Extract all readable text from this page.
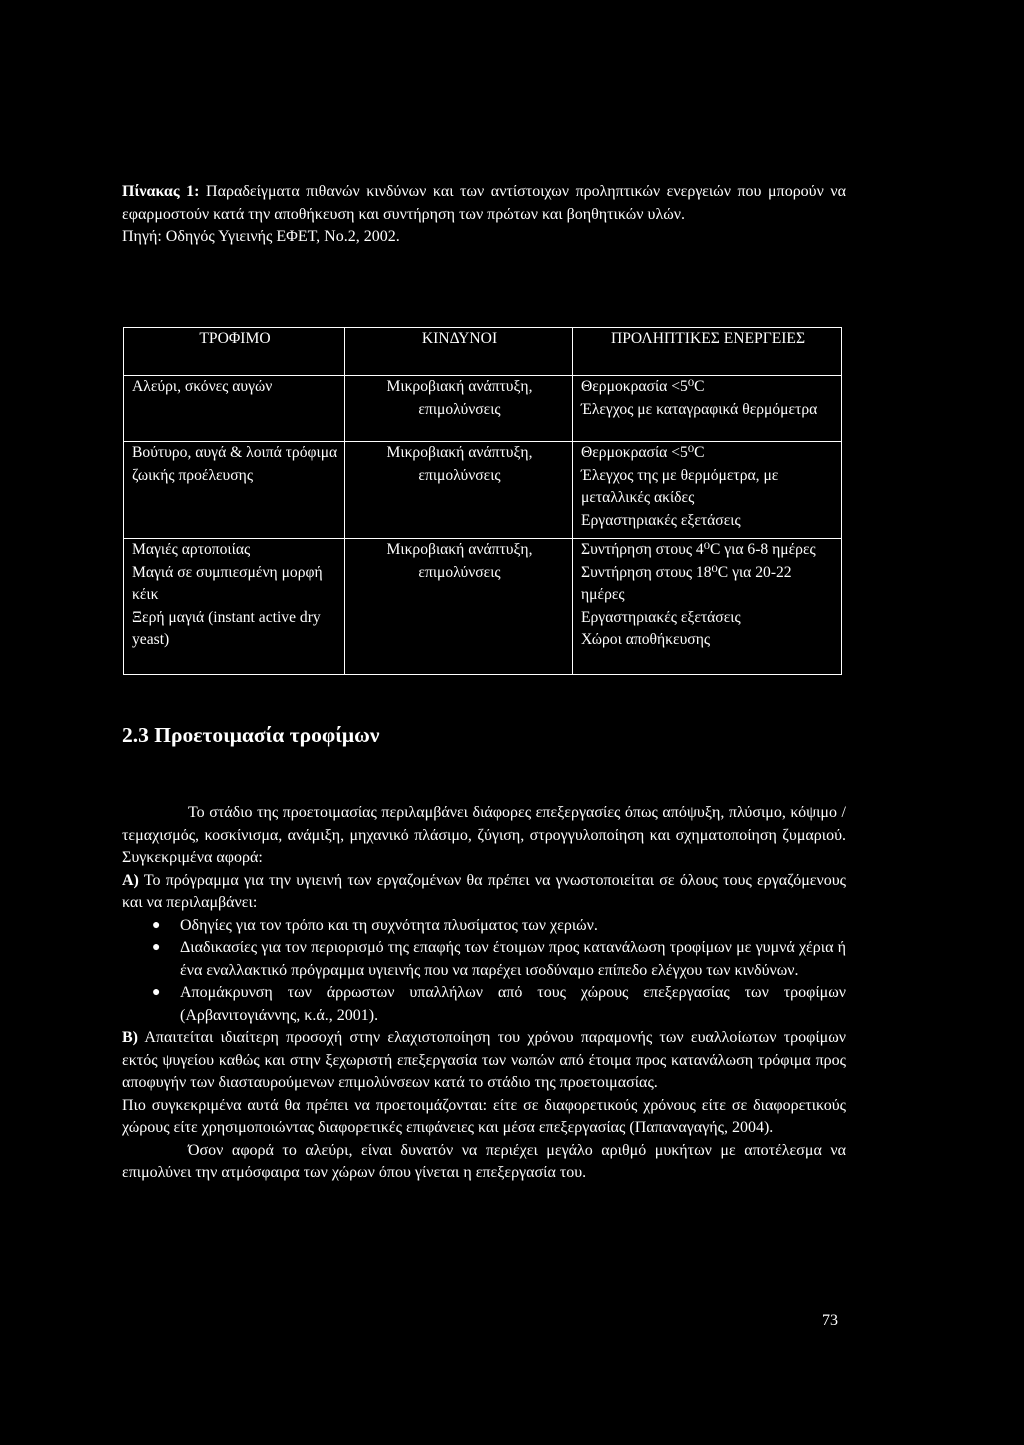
Πίνακας 1: Παραδείγματα πιθανών κινδύνων και των αντίστοιχων προληπτικών ενεργειών που μπορούν να εφαρμοστούν κατά την αποθήκευση και συντήρηση των πρώτων και βοηθητικών υλών.

Πηγή: Οδηγός Υγιεινής ΕΦΕΤ, Νο.2, 2002.

ΤΡΟΦΙΜΟ	ΚΙΝΔΥΝΟΙ	ΠΡΟΛΗΠΤΙΚΕΣ ΕΝΕΡΓΕΙΕΣ
Αλεύρι, σκόνες αυγών	Μικροβιακή ανάπτυξη, επιμολύνσεις	Θερμοκρασία <5⁰C
Έλεγχος με καταγραφικά θερμόμετρα

Βούτυρο, αυγά & λοιπά τρόφιμα ζωικής προέλευσης	Μικροβιακή ανάπτυξη, επιμολύνσεις	Θερμοκρασία <5⁰C
Έλεγχος της με θερμόμετρα, με μεταλλικές ακίδες
Εργαστηριακές εξετάσεις

Μαγιές αρτοποιίας
Μαγιά σε συμπιεσμένη μορφή κέικ
Ξερή μαγιά (instant active dry yeast)	Μικροβιακή ανάπτυξη, επιμολύνσεις	Συντήρηση στους 4⁰C για 6-8 ημέρες
Συντήρηση στους 18⁰C για 20-22 ημέρες
Εργαστηριακές εξετάσεις
Χώροι αποθήκευσης
2.3 Προετοιμασία τροφίμων

Το στάδιο της προετοιμασίας περιλαμβάνει διάφορες επεξεργασίες όπως απόψυξη, πλύσιμο, κόψιμο / τεμαχισμός, κοσκίνισμα, ανάμιξη, μηχανικό πλάσιμο, ζύγιση, στρογγυλοποίηση και σχηματοποίηση ζυμαριού. Συγκεκριμένα αφορά:

Α) Το πρόγραμμα για την υγιεινή των εργαζομένων θα πρέπει να γνωστοποιείται σε όλους τους εργαζόμενους και να περιλαμβάνει:

● Οδηγίες για τον τρόπο και τη συχνότητα πλυσίματος των χεριών.
● Διαδικασίες για τον περιορισμό της επαφής των έτοιμων προς κατανάλωση τροφίμων με γυμνά χέρια ή ένα εναλλακτικό πρόγραμμα υγιεινής που να παρέχει ισοδύναμο επίπεδο ελέγχου των κινδύνων.
● Απομάκρυνση των άρρωστων υπαλλήλων από τους χώρους επεξεργασίας των τροφίμων (Αρβανιτογιάννης, κ.ά., 2001).

Β) Απαιτείται ιδιαίτερη προσοχή στην ελαχιστοποίηση του χρόνου παραμονής των ευαλλοίωτων τροφίμων εκτός ψυγείου καθώς και στην ξεχωριστή επεξεργασία των νωπών από έτοιμα προς κατανάλωση τρόφιμα προς αποφυγήν των διασταυρούμενων επιμολύνσεων κατά το στάδιο της προετοιμασίας.

Πιο συγκεκριμένα αυτά θα πρέπει να προετοιμάζονται: είτε σε διαφορετικούς χρόνους είτε σε διαφορετικούς χώρους είτε χρησιμοποιώντας διαφορετικές επιφάνειες και μέσα επεξεργασίας (Παπαναγαγής, 2004).

Όσον αφορά το αλεύρι, είναι δυνατόν να περιέχει μεγάλο αριθμό μυκήτων με αποτέλεσμα να επιμολύνει την ατμόσφαιρα των χώρων όπου γίνεται η επεξεργασία του.

73
